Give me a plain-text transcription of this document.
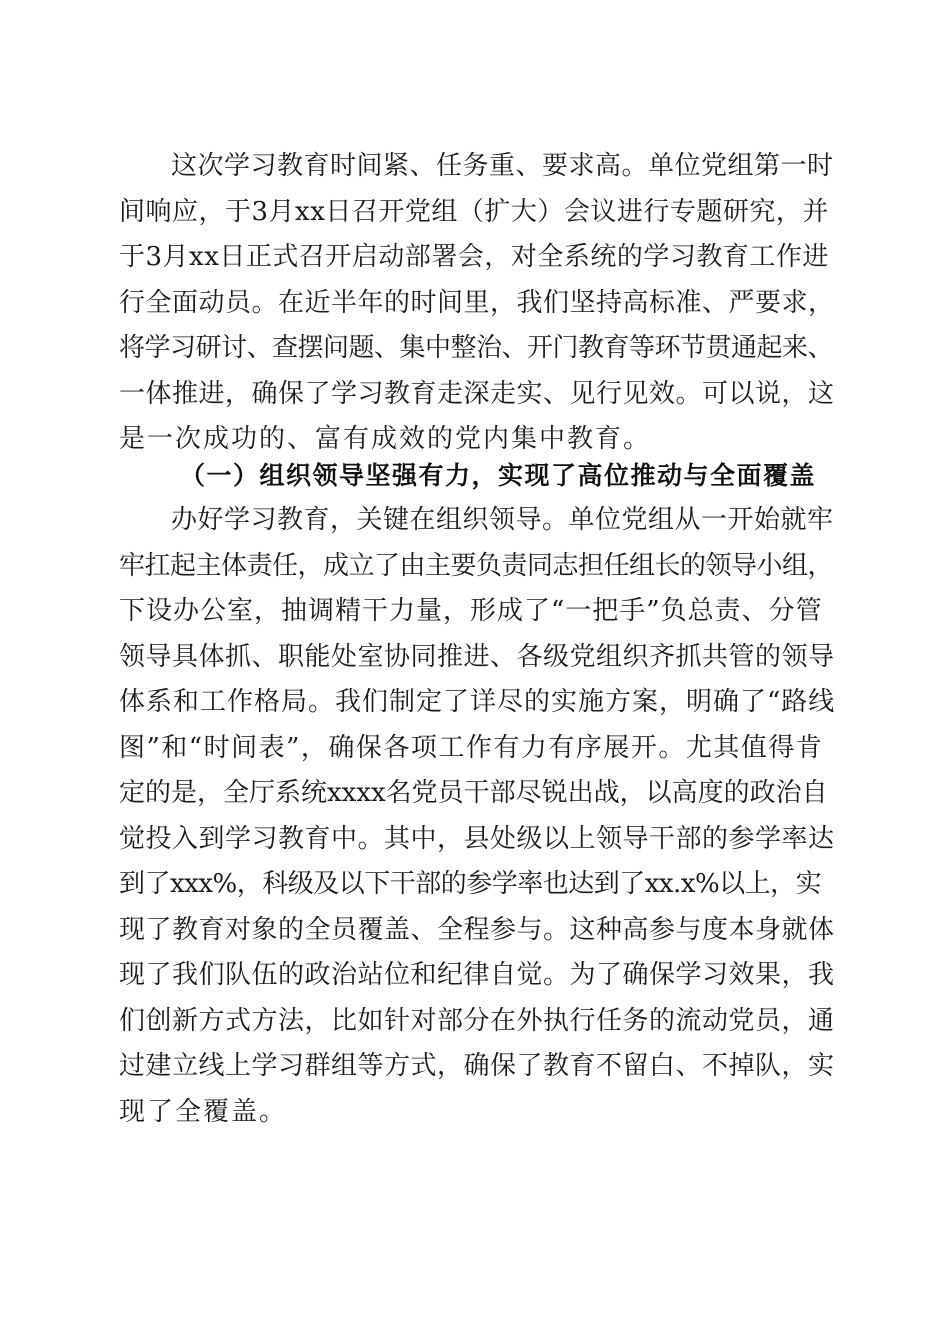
这次学习教育时间紧、任务重、要求高。单位党组第一时
间响应，于3月xx日召开党组（扩大）会议进行专题研究，并
于3月xx日正式召开启动部署会，对全系统的学习教育工作进
行全面动员。在近半年的时间里，我们坚持高标准、严要求，
将学习研讨、查摆问题、集中整治、开门教育等环节贯通起来、
一体推进，确保了学习教育走深走实、见行见效。可以说，这
是一次成功的、富有成效的党内集中教育。
（一）组织领导坚强有力，实现了高位推动与全面覆盖
办好学习教育，关键在组织领导。单位党组从一开始就牢
牢扛起主体责任，成立了由主要负责同志担任组长的领导小组，
下设办公室，抽调精干力量，形成了“一把手”负总责、分管
领导具体抓、职能处室协同推进、各级党组织齐抓共管的领导
体系和工作格局。我们制定了详尽的实施方案，明确了“路线
图”和“时间表”，确保各项工作有力有序展开。尤其值得肯
定的是，全厅系统xxxx名党员干部尽锐出战，以高度的政治自
觉投入到学习教育中。其中，县处级以上领导干部的参学率达
到了xxx%，科级及以下干部的参学率也达到了xx.x%以上，实
现了教育对象的全员覆盖、全程参与。这种高参与度本身就体
现了我们队伍的政治站位和纪律自觉。为了确保学习效果，我
们创新方式方法，比如针对部分在外执行任务的流动党员，通
过建立线上学习群组等方式，确保了教育不留白、不掉队，实
现了全覆盖。
